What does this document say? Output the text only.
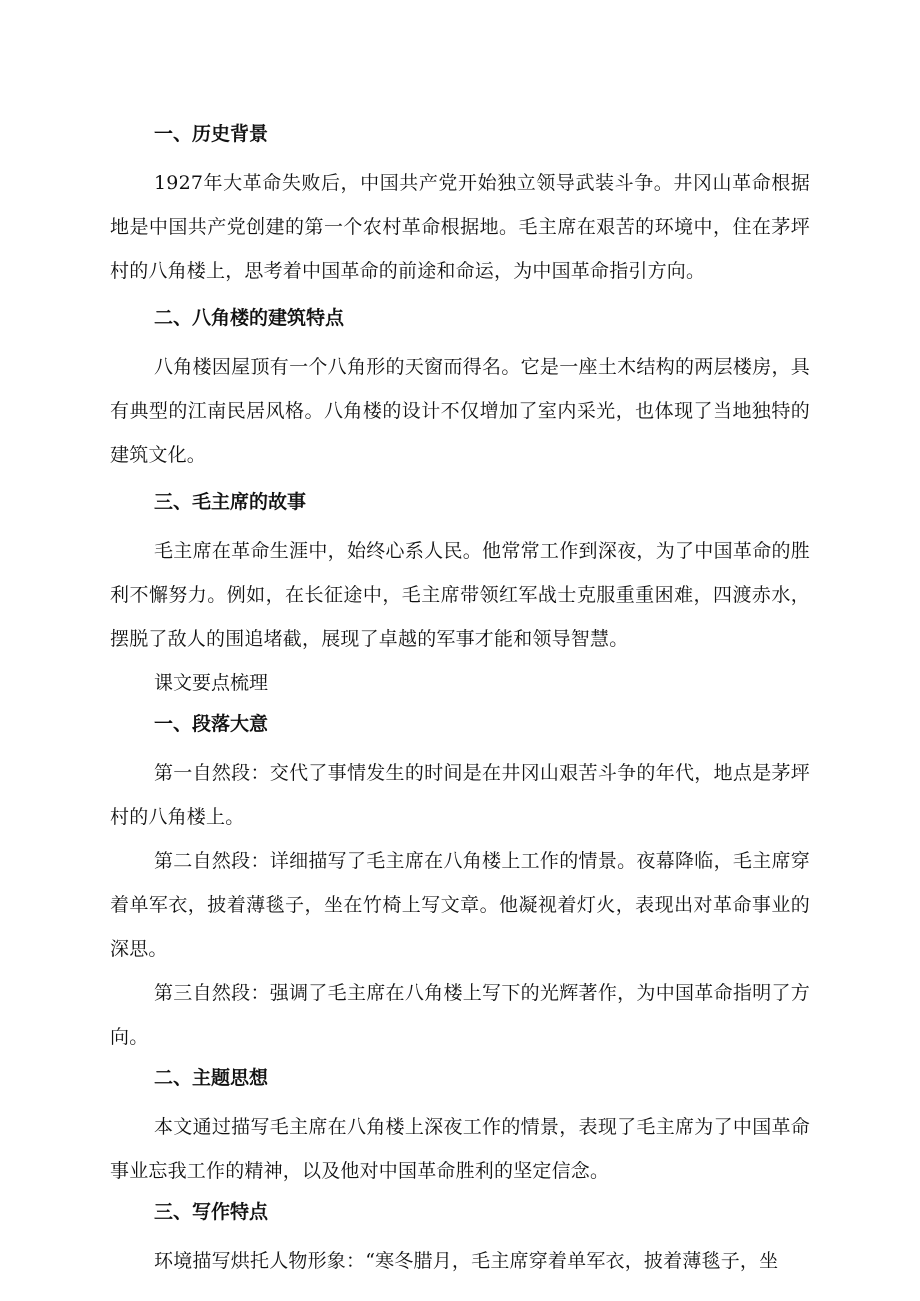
一、历史背景

1927年大革命失败后，中国共产党开始独立领导武装斗争。井冈山革命根据地是中国共产党创建的第一个农村革命根据地。毛主席在艰苦的环境中，住在茅坪村的八角楼上，思考着中国革命的前途和命运，为中国革命指引方向。

二、八角楼的建筑特点

八角楼因屋顶有一个八角形的天窗而得名。它是一座土木结构的两层楼房，具有典型的江南民居风格。八角楼的设计不仅增加了室内采光，也体现了当地独特的建筑文化。

三、毛主席的故事

毛主席在革命生涯中，始终心系人民。他常常工作到深夜，为了中国革命的胜利不懈努力。例如，在长征途中，毛主席带领红军战士克服重重困难，四渡赤水，摆脱了敌人的围追堵截，展现了卓越的军事才能和领导智慧。

课文要点梳理

一、段落大意

第一自然段：交代了事情发生的时间是在井冈山艰苦斗争的年代，地点是茅坪村的八角楼上。

第二自然段：详细描写了毛主席在八角楼上工作的情景。夜幕降临，毛主席穿着单军衣，披着薄毯子，坐在竹椅上写文章。他凝视着灯火，表现出对革命事业的深思。

第三自然段：强调了毛主席在八角楼上写下的光辉著作，为中国革命指明了方向。

二、主题思想

本文通过描写毛主席在八角楼上深夜工作的情景，表现了毛主席为了中国革命事业忘我工作的精神，以及他对中国革命胜利的坚定信念。

三、写作特点

环境描写烘托人物形象：“寒冬腊月，毛主席穿着单军衣，披着薄毯子，坐
